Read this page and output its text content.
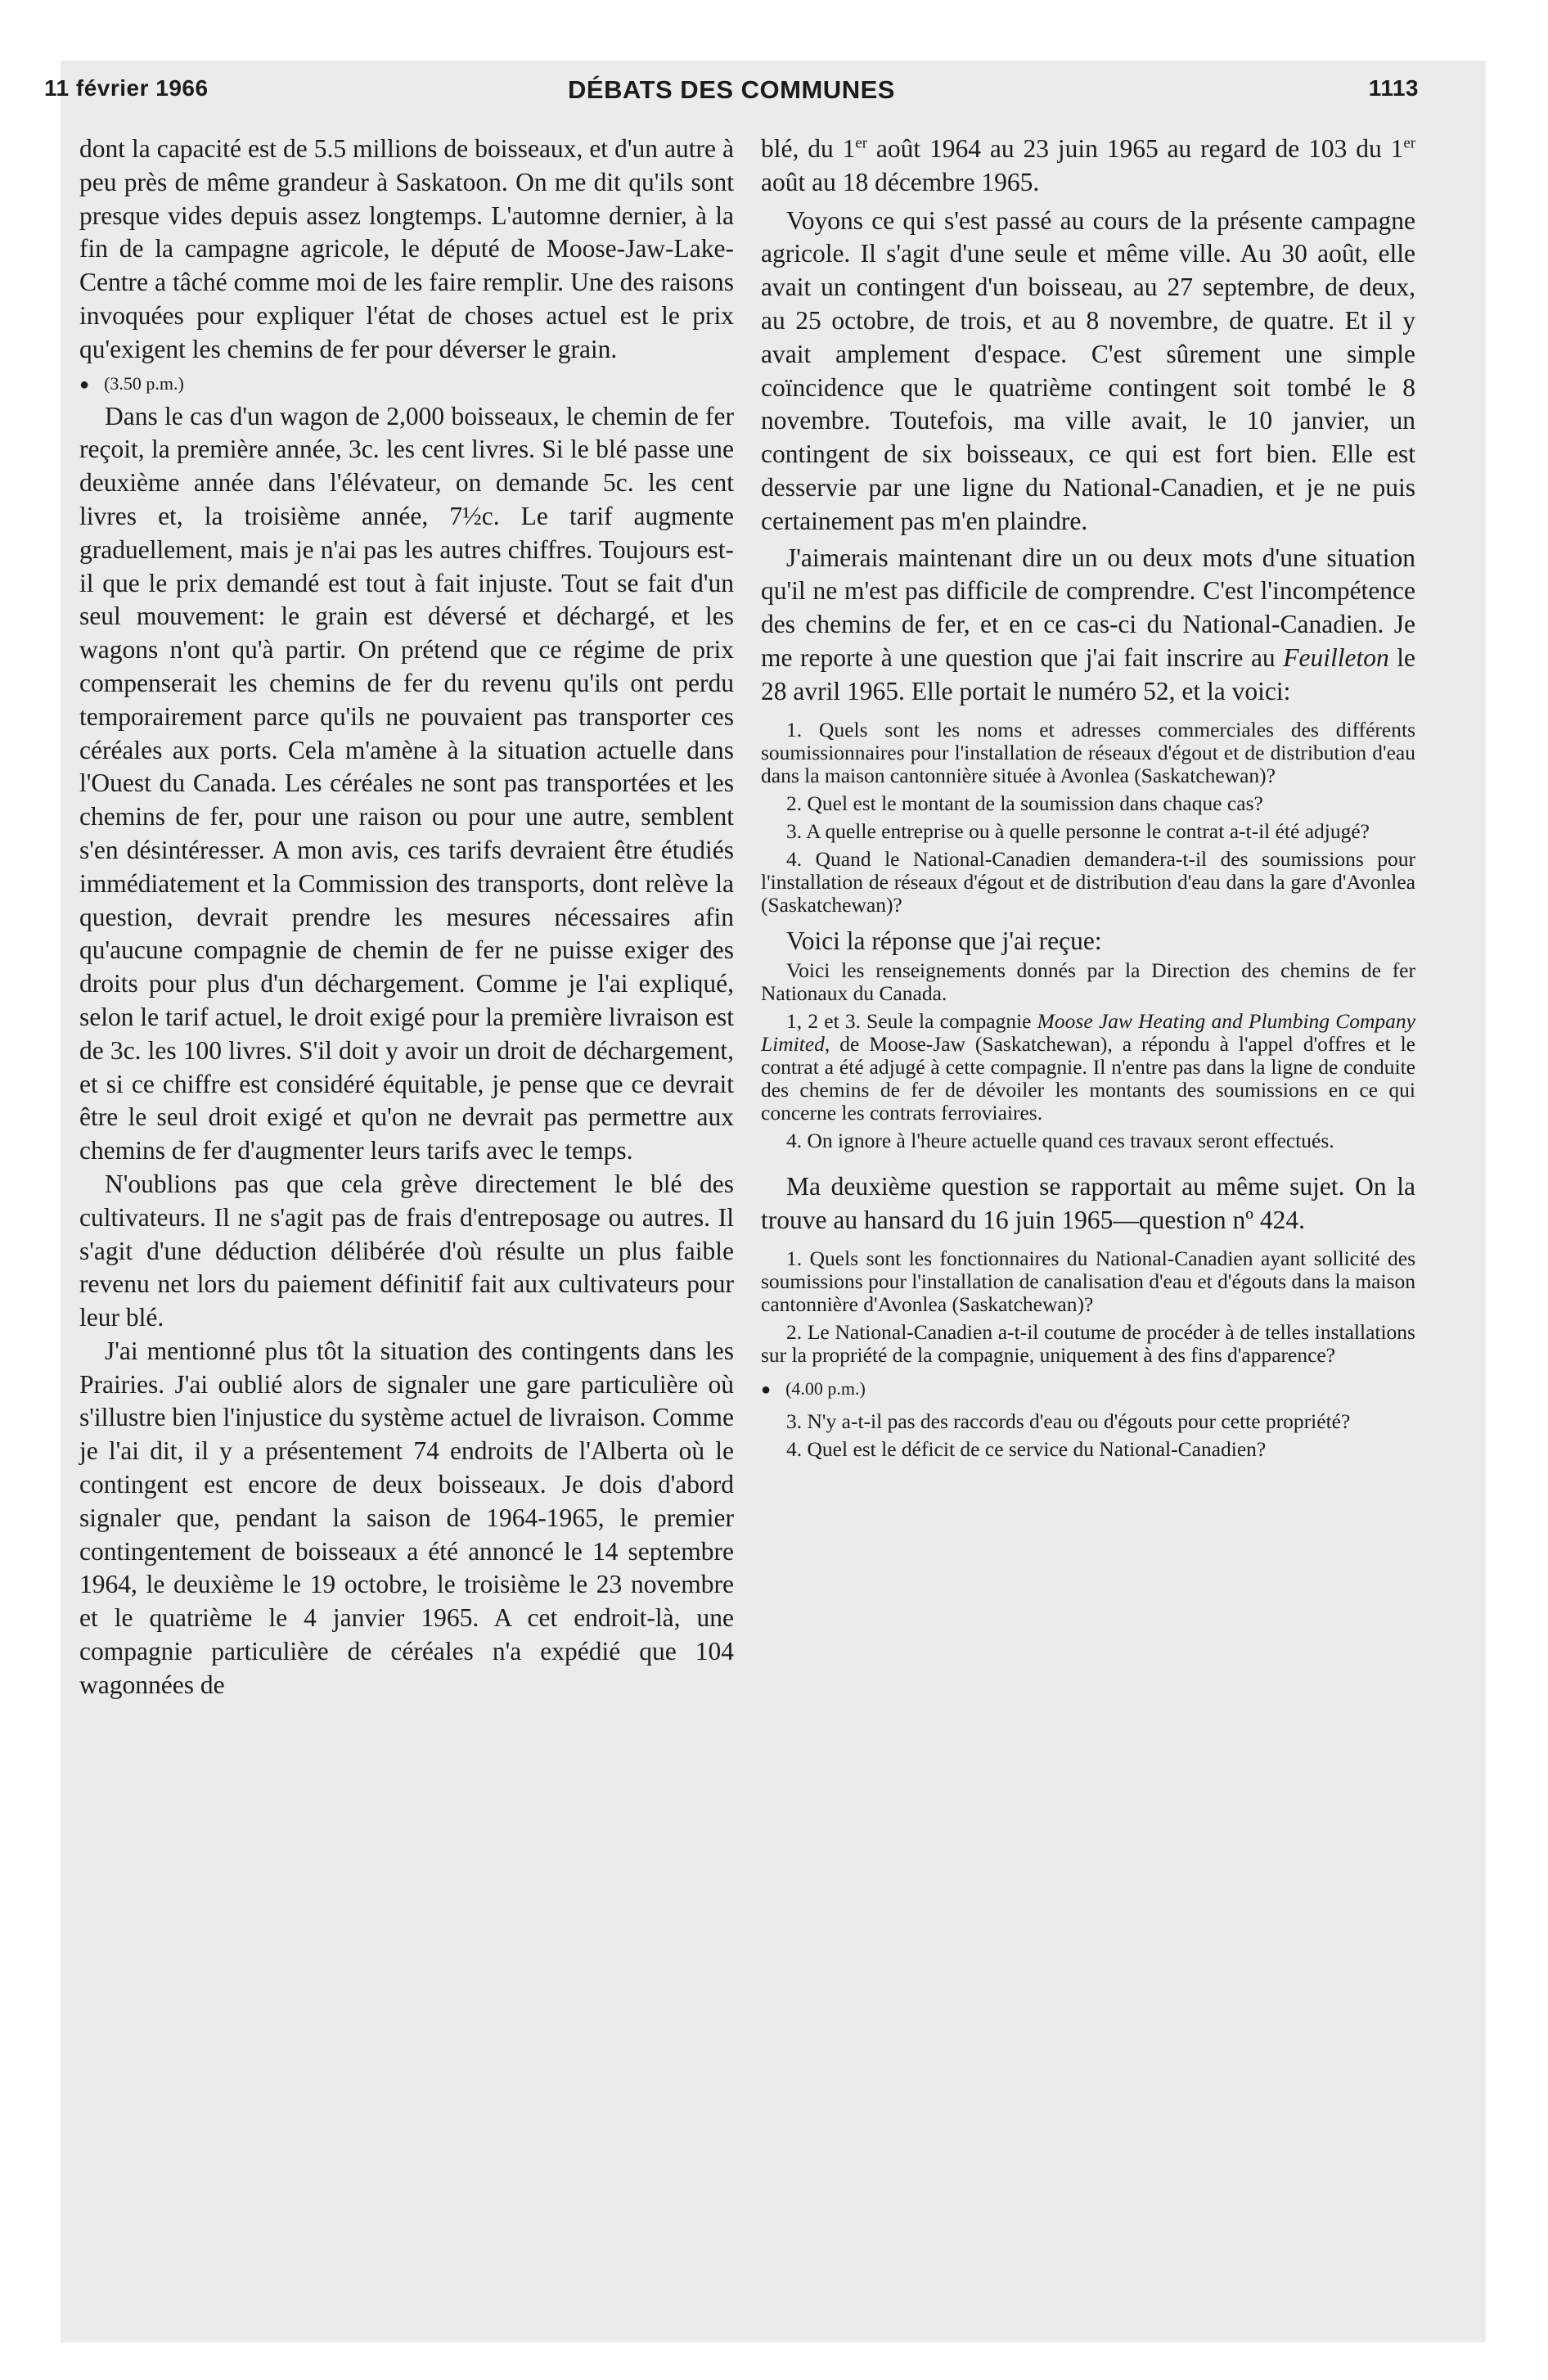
11 février 1966	DÉBATS DES COMMUNES	1113

dont la capacité est de 5.5 millions de boisseaux, et d'un autre à peu près de même grandeur à Saskatoon. On me dit qu'ils sont presque vides depuis assez longtemps. L'automne dernier, à la fin de la campagne agricole, le député de Moose-Jaw-Lake-Centre a tâché comme moi de les faire remplir. Une des raisons invoquées pour expliquer l'état de choses actuel est le prix qu'exigent les chemins de fer pour déverser le grain.

● (3.50 p.m.)

Dans le cas d'un wagon de 2,000 boisseaux, le chemin de fer reçoit, la première année, 3c. les cent livres. Si le blé passe une deuxième année dans l'élévateur, on demande 5c. les cent livres et, la troisième année, 7½c. Le tarif augmente graduellement, mais je n'ai pas les autres chiffres. Toujours est-il que le prix demandé est tout à fait injuste. Tout se fait d'un seul mouvement: le grain est déversé et déchargé, et les wagons n'ont qu'à partir. On prétend que ce régime de prix compenserait les chemins de fer du revenu qu'ils ont perdu temporairement parce qu'ils ne pouvaient pas transporter ces céréales aux ports. Cela m'amène à la situation actuelle dans l'Ouest du Canada. Les céréales ne sont pas transportées et les chemins de fer, pour une raison ou pour une autre, semblent s'en désintéresser. A mon avis, ces tarifs devraient être étudiés immédiatement et la Commission des transports, dont relève la question, devrait prendre les mesures nécessaires afin qu'aucune compagnie de chemin de fer ne puisse exiger des droits pour plus d'un déchargement. Comme je l'ai expliqué, selon le tarif actuel, le droit exigé pour la première livraison est de 3c. les 100 livres. S'il doit y avoir un droit de déchargement, et si ce chiffre est considéré équitable, je pense que ce devrait être le seul droit exigé et qu'on ne devrait pas permettre aux chemins de fer d'augmenter leurs tarifs avec le temps.

N'oublions pas que cela grève directement le blé des cultivateurs. Il ne s'agit pas de frais d'entreposage ou autres. Il s'agit d'une déduction délibérée d'où résulte un plus faible revenu net lors du paiement définitif fait aux cultivateurs pour leur blé.

J'ai mentionné plus tôt la situation des contingents dans les Prairies. J'ai oublié alors de signaler une gare particulière où s'illustre bien l'injustice du système actuel de livraison. Comme je l'ai dit, il y a présentement 74 endroits de l'Alberta où le contingent est encore de deux boisseaux. Je dois d'abord signaler que, pendant la saison de 1964-1965, le premier contingentement de boisseaux a été annoncé le 14 septembre 1964, le deuxième le 19 octobre, le troisième le 23 novembre et le quatrième le 4 janvier 1965. A cet endroit-là, une compagnie particulière de céréales n'a expédié que 104 wagonnées de

blé, du 1er août 1964 au 23 juin 1965 au regard de 103 du 1er août au 18 décembre 1965.

Voyons ce qui s'est passé au cours de la présente campagne agricole. Il s'agit d'une seule et même ville. Au 30 août, elle avait un contingent d'un boisseau, au 27 septembre, de deux, au 25 octobre, de trois, et au 8 novembre, de quatre. Et il y avait amplement d'espace. C'est sûrement une simple coïncidence que le quatrième contingent soit tombé le 8 novembre. Toutefois, ma ville avait, le 10 janvier, un contingent de six boisseaux, ce qui est fort bien. Elle est desservie par une ligne du National-Canadien, et je ne puis certainement pas m'en plaindre.

J'aimerais maintenant dire un ou deux mots d'une situation qu'il ne m'est pas difficile de comprendre. C'est l'incompétence des chemins de fer, et en ce cas-ci du National-Canadien. Je me reporte à une question que j'ai fait inscrire au Feuilleton le 28 avril 1965. Elle portait le numéro 52, et la voici:

1. Quels sont les noms et adresses commerciales des différents soumissionnaires pour l'installation de réseaux d'égout et de distribution d'eau dans la maison cantonnière située à Avonlea (Saskatchewan)?

2. Quel est le montant de la soumission dans chaque cas?

3. A quelle entreprise ou à quelle personne le contrat a-t-il été adjugé?

4. Quand le National-Canadien demandera-t-il des soumissions pour l'installation de réseaux d'égout et de distribution d'eau dans la gare d'Avonlea (Saskatchewan)?

Voici la réponse que j'ai reçue:

Voici les renseignements donnés par la Direction des chemins de fer Nationaux du Canada.

1, 2 et 3. Seule la compagnie Moose Jaw Heating and Plumbing Company Limited, de Moose-Jaw (Saskatchewan), a répondu à l'appel d'offres et le contrat a été adjugé à cette compagnie. Il n'entre pas dans la ligne de conduite des chemins de fer de dévoiler les montants des soumissions en ce qui concerne les contrats ferroviaires.

4. On ignore à l'heure actuelle quand ces travaux seront effectués.

Ma deuxième question se rapportait au même sujet. On la trouve au hansard du 16 juin 1965—question nº 424.

1. Quels sont les fonctionnaires du National-Canadien ayant sollicité des soumissions pour l'installation de canalisation d'eau et d'égouts dans la maison cantonnière d'Avonlea (Saskatchewan)?

2. Le National-Canadien a-t-il coutume de procéder à de telles installations sur la propriété de la compagnie, uniquement à des fins d'apparence?

● (4.00 p.m.)

3. N'y a-t-il pas des raccords d'eau ou d'égouts pour cette propriété?

4. Quel est le déficit de ce service du National-Canadien?
